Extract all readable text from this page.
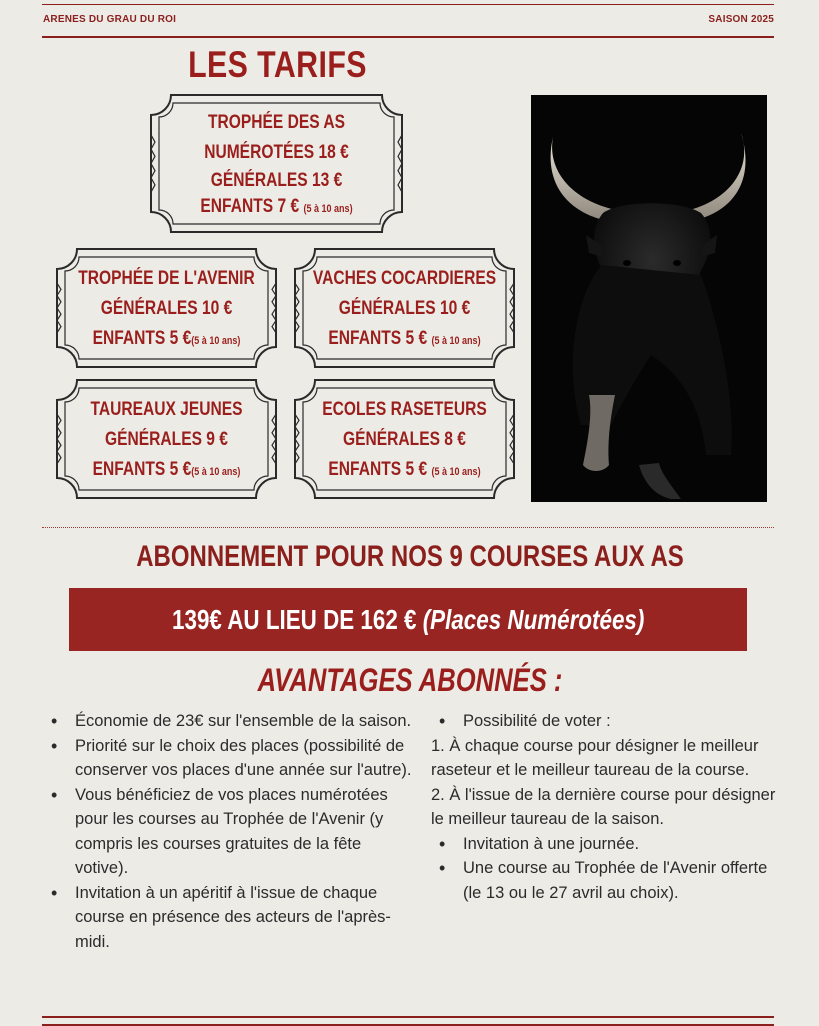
ARENES DU GRAU DU ROI	SAISON 2025
LES TARIFS
TROPHÉE DES AS
NUMÉROTÉES 18 €
GÉNÉRALES 13 €
ENFANTS 7 € (5 à 10 ans)
TROPHÉE DE L'AVENIR
GÉNÉRALES 10 €
ENFANTS 5 €(5 à 10 ans)
VACHES COCARDIERES
GÉNÉRALES 10 €
ENFANTS 5 € (5 à 10 ans)
TAUREAUX JEUNES
GÉNÉRALES 9 €
ENFANTS 5 €(5 à 10 ans)
ECOLES RASETEURS
GÉNÉRALES 8 €
ENFANTS 5 € (5 à 10 ans)
ABONNEMENT POUR NOS 9 COURSES AUX AS
139€ AU LIEU DE 162 € (Places Numérotées)
AVANTAGES ABONNÉS :
• Économie de 23€ sur l'ensemble de la saison.
• Priorité sur le choix des places (possibilité de conserver vos places d'une année sur l'autre).
• Vous bénéficiez de vos places numérotées pour les courses au Trophée de l'Avenir (y compris les courses gratuites de la fête votive).
• Invitation à un apéritif à l'issue de chaque course en présence des acteurs de l'après-midi.
• Possibilité de voter :
1. À chaque course pour désigner le meilleur raseteur et le meilleur taureau de la course.
2. À l'issue de la dernière course pour désigner le meilleur taureau de la saison.
• Invitation à une journée.
• Une course au Trophée de l'Avenir offerte (le 13 ou le 27 avril au choix).
